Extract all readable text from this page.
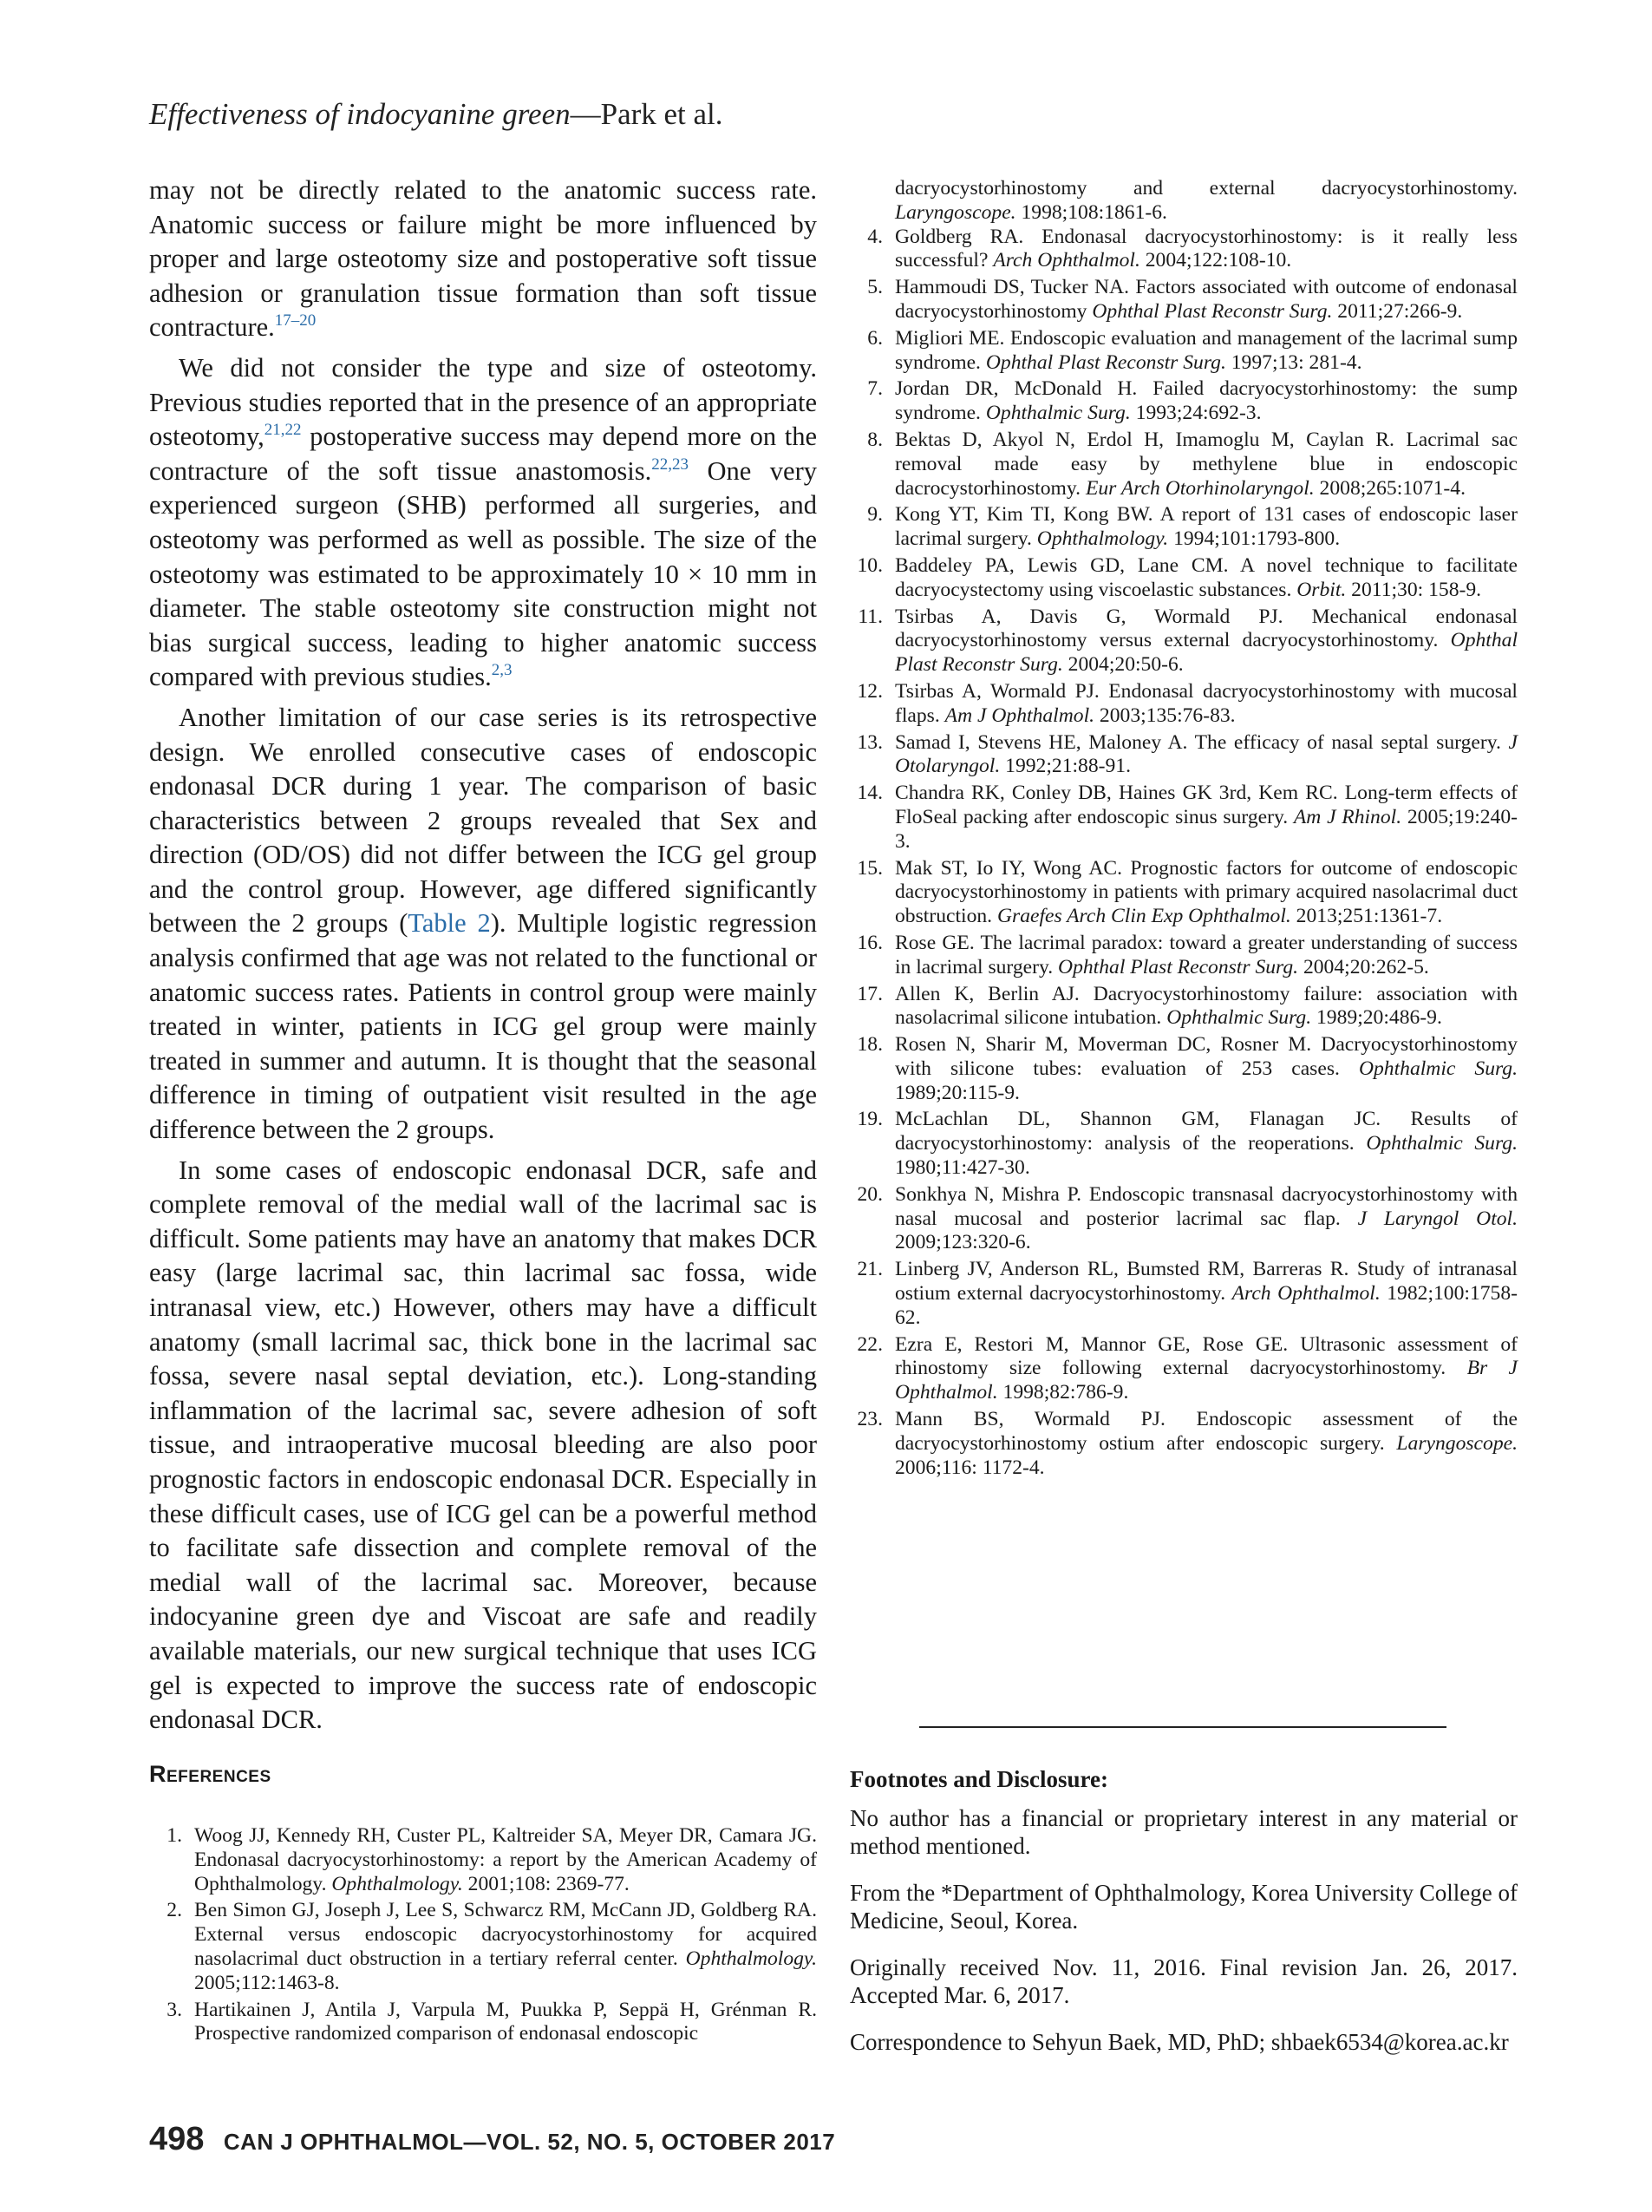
Effectiveness of indocyanine green—Park et al.

may not be directly related to the anatomic success rate. Anatomic success or failure might be more influenced by proper and large osteotomy size and postoperative soft tissue adhesion or granulation tissue formation than soft tissue contracture.$^{17-20}$

We did not consider the type and size of osteotomy. Previous studies reported that in the presence of an appropriate osteotomy,$^{21,22}$ postoperative success may depend more on the contracture of the soft tissue anastomosis.$^{22,23}$ One very experienced surgeon (SHB) performed all surgeries, and osteotomy was performed as well as possible. The size of the osteotomy was estimated to be approximately 10 × 10 mm in diameter. The stable osteotomy site construction might not bias surgical success, leading to higher anatomic success compared with previous studies.$^{2,3}$

Another limitation of our case series is its retrospective design. We enrolled consecutive cases of endoscopic endonasal DCR during 1 year. The comparison of basic characteristics between 2 groups revealed that Sex and direction (OD/OS) did not differ between the ICG gel group and the control group. However, age differed significantly between the 2 groups (Table 2). Multiple logistic regression analysis confirmed that age was not related to the functional or anatomic success rates. Patients in control group were mainly treated in winter, patients in ICG gel group were mainly treated in summer and autumn. It is thought that the seasonal difference in timing of outpatient visit resulted in the age difference between the 2 groups.

In some cases of endoscopic endonasal DCR, safe and complete removal of the medial wall of the lacrimal sac is difficult. Some patients may have an anatomy that makes DCR easy (large lacrimal sac, thin lacrimal sac fossa, wide intranasal view, etc.) However, others may have a difficult anatomy (small lacrimal sac, thick bone in the lacrimal sac fossa, severe nasal septal deviation, etc.). Long-standing inflammation of the lacrimal sac, severe adhesion of soft tissue, and intraoperative mucosal bleeding are also poor prognostic factors in endoscopic endonasal DCR. Especially in these difficult cases, use of ICG gel can be a powerful method to facilitate safe dissection and complete removal of the medial wall of the lacrimal sac. Moreover, because indocyanine green dye and Viscoat are safe and readily available materials, our new surgical technique that uses ICG gel is expected to improve the success rate of endoscopic endonasal DCR.

References
1. Woog JJ, Kennedy RH, Custer PL, Kaltreider SA, Meyer DR, Camara JG. Endonasal dacryocystorhinostomy: a report by the American Academy of Ophthalmology. Ophthalmology. 2001;108: 2369-77.
2. Ben Simon GJ, Joseph J, Lee S, Schwarcz RM, McCann JD, Goldberg RA. External versus endoscopic dacryocystorhinostomy for acquired nasolacrimal duct obstruction in a tertiary referral center. Ophthalmology. 2005;112:1463-8.
3. Hartikainen J, Antila J, Varpula M, Puukka P, Seppä H, Grénman R. Prospective randomized comparison of endonasal endoscopic

dacryocystorhinostomy and external dacryocystorhinostomy. Laryngoscope. 1998;108:1861-6.

4. Goldberg RA. Endonasal dacryocystorhinostomy: is it really less successful? Arch Ophthalmol. 2004;122:108-10.
5. Hammoudi DS, Tucker NA. Factors associated with outcome of endonasal dacryocystorhinostomy Ophthal Plast Reconstr Surg. 2011;27:266-9.
6. Migliori ME. Endoscopic evaluation and management of the lacrimal sump syndrome. Ophthal Plast Reconstr Surg. 1997;13: 281-4.
7. Jordan DR, McDonald H. Failed dacryocystorhinostomy: the sump syndrome. Ophthalmic Surg. 1993;24:692-3.
8. Bektas D, Akyol N, Erdol H, Imamoglu M, Caylan R. Lacrimal sac removal made easy by methylene blue in endoscopic dacrocystorhinostomy. Eur Arch Otorhinolaryngol. 2008;265:1071-4.
9. Kong YT, Kim TI, Kong BW. A report of 131 cases of endoscopic laser lacrimal surgery. Ophthalmology. 1994;101:1793-800.
10. Baddeley PA, Lewis GD, Lane CM. A novel technique to facilitate dacryocystectomy using viscoelastic substances. Orbit. 2011;30: 158-9.
11. Tsirbas A, Davis G, Wormald PJ. Mechanical endonasal dacryocystorhinostomy versus external dacryocystorhinostomy. Ophthal Plast Reconstr Surg. 2004;20:50-6.
12. Tsirbas A, Wormald PJ. Endonasal dacryocystorhinostomy with mucosal flaps. Am J Ophthalmol. 2003;135:76-83.
13. Samad I, Stevens HE, Maloney A. The efficacy of nasal septal surgery. J Otolaryngol. 1992;21:88-91.
14. Chandra RK, Conley DB, Haines GK 3rd, Kem RC. Long-term effects of FloSeal packing after endoscopic sinus surgery. Am J Rhinol. 2005;19:240-3.
15. Mak ST, Io IY, Wong AC. Prognostic factors for outcome of endoscopic dacryocystorhinostomy in patients with primary acquired nasolacrimal duct obstruction. Graefes Arch Clin Exp Ophthalmol. 2013;251:1361-7.
16. Rose GE. The lacrimal paradox: toward a greater understanding of success in lacrimal surgery. Ophthal Plast Reconstr Surg. 2004;20:262-5.
17. Allen K, Berlin AJ. Dacryocystorhinostomy failure: association with nasolacrimal silicone intubation. Ophthalmic Surg. 1989;20:486-9.
18. Rosen N, Sharir M, Moverman DC, Rosner M. Dacryocystorhinostomy with silicone tubes: evaluation of 253 cases. Ophthalmic Surg. 1989;20:115-9.
19. McLachlan DL, Shannon GM, Flanagan JC. Results of dacryocystorhinostomy: analysis of the reoperations. Ophthalmic Surg. 1980;11:427-30.
20. Sonkhya N, Mishra P. Endoscopic transnasal dacryocystorhinostomy with nasal mucosal and posterior lacrimal sac flap. J Laryngol Otol. 2009;123:320-6.
21. Linberg JV, Anderson RL, Bumsted RM, Barreras R. Study of intranasal ostium external dacryocystorhinostomy. Arch Ophthalmol. 1982;100:1758-62.
22. Ezra E, Restori M, Mannor GE, Rose GE. Ultrasonic assessment of rhinostomy size following external dacryocystorhinostomy. Br J Ophthalmol. 1998;82:786-9.
23. Mann BS, Wormald PJ. Endoscopic assessment of the dacryocystorhinostomy ostium after endoscopic surgery. Laryngoscope. 2006;116: 1172-4.
Footnotes and Disclosure:

No author has a financial or proprietary interest in any material or method mentioned.

From the *Department of Ophthalmology, Korea University College of Medicine, Seoul, Korea.

Originally received Nov. 11, 2016. Final revision Jan. 26, 2017. Accepted Mar. 6, 2017.

Correspondence to Sehyun Baek, MD, PhD; shbaek6534@korea.ac.kr

498 CAN J OPHTHALMOL—VOL. 52, NO. 5, OCTOBER 2017
